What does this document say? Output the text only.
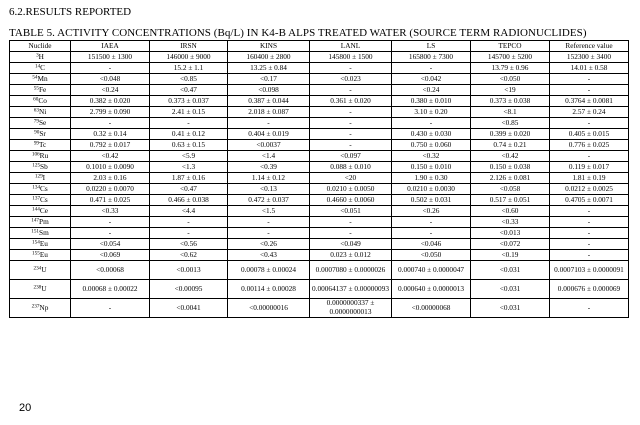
6.2.RESULTS REPORTED
TABLE 5. ACTIVITY CONCENTRATIONS (Bq/L) IN K4-B ALPS TREATED WATER (SOURCE TERM RADIONUCLIDES)
Nuclide	IAEA	IRSN	KINS	LANL	LS	TEPCO	Reference value
$^3$H	151500 ± 1300	146000 ± 9000	160400 ± 2800	145800 ± 1500	165800 ± 7300	145700 ± 5200	152300 ± 3400
$^{14}$C	-	15.2 ± 1.1	13.25 ± 0.84	-	-	13.79 ± 0.96	14.01 ± 0.58
$^{54}$Mn	<0.048	<0.85	<0.17	<0.023	<0.042	<0.050	-
$^{55}$Fe	<0.24	<0.47	<0.098	-	<0.24	<19	-
$^{60}$Co	0.382 ± 0.020	0.373 ± 0.037	0.387 ± 0.044	0.361 ± 0.020	0.380 ± 0.010	0.373 ± 0.038	0.3764 ± 0.0081
$^{63}$Ni	2.799 ± 0.090	2.41 ± 0.15	2.018 ± 0.087	-	3.10 ± 0.20	<8.1	2.57 ± 0.24
$^{79}$Se	-	-	-	-	-	<0.85	-
$^{90}$Sr	0.32 ± 0.14	0.41 ± 0.12	0.404 ± 0.019	-	0.430 ± 0.030	0.399 ± 0.020	0.405 ± 0.015
$^{99}$Tc	0.792 ± 0.017	0.63 ± 0.15	<0.0037	-	0.750 ± 0.060	0.74 ± 0.21	0.776 ± 0.025
$^{106}$Ru	<0.42	<5.9	<1.4	<0.097	<0.32	<0.42	-
$^{125}$Sb	0.1010 ± 0.0090	<1.3	<0.39	0.088 ± 0.010	0.150 ± 0.010	0.150 ± 0.038	0.119 ± 0.017
$^{129}$I	2.03 ± 0.16	1.87 ± 0.16	1.14 ± 0.12	<20	1.90 ± 0.30	2.126 ± 0.081	1.81 ± 0.19
$^{134}$Cs	0.0220 ± 0.0070	<0.47	<0.13	0.0210 ± 0.0050	0.0210 ± 0.0030	<0.058	0.0212 ± 0.0025
$^{137}$Cs	0.471 ± 0.025	0.466 ± 0.038	0.472 ± 0.037	0.4660 ± 0.0060	0.502 ± 0.031	0.517 ± 0.051	0.4705 ± 0.0071
$^{144}$Ce	<0.33	<4.4	<1.5	<0.051	<0.26	<0.60	-
$^{147}$Pm	-	-	-	-	-	<0.33	-
$^{151}$Sm	-	-	-	-	-	<0.013	-
$^{154}$Eu	<0.054	<0.56	<0.26	<0.049	<0.046	<0.072	-
$^{155}$Eu	<0.069	<0.62	<0.43	0.023 ± 0.012	<0.050	<0.19	-
$^{234}$U	<0.00068	<0.0013	0.00078 ± 0.00024	0.0007080 ± 0.0000026	0.000740 ± 0.0000047	<0.031	0.0007103 ± 0.0000091
$^{238}$U	0.00068 ± 0.00022	<0.00095	0.00114 ± 0.00028	0.00064137 ± 0.00000093	0.000640 ± 0.0000013	<0.031	0.000676 ± 0.000069
$^{237}$Np	-	<0.0041	<0.00000016	0.0000000337 ± 0.0000000013	<0.00000068	<0.031	-
20
